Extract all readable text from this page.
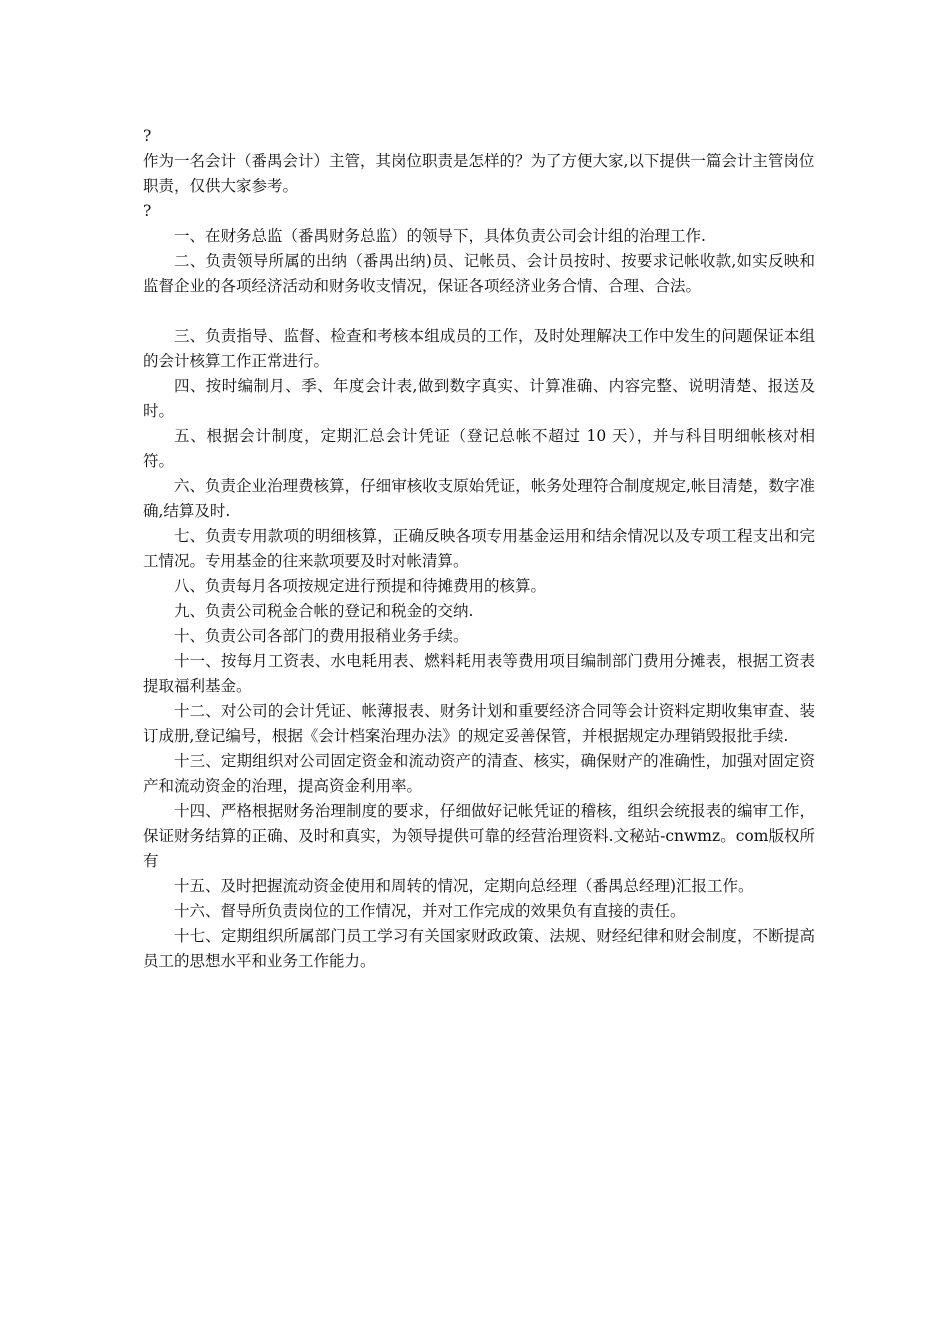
?
作为一名会计（番禺会计）主管，其岗位职责是怎样的？为了方便大家,以下提供一篇会计主管岗位职责，仅供大家参考。
?
一、在财务总监（番禺财务总监）的领导下，具体负责公司会计组的治理工作.
二、负责领导所属的出纳（番禺出纳)员、记帐员、会计员按时、按要求记帐收款,如实反映和监督企业的各项经济活动和财务收支情况，保证各项经济业务合情、合理、合法。
三、负责指导、监督、检查和考核本组成员的工作，及时处理解决工作中发生的问题保证本组的会计核算工作正常进行。
四、按时编制月、季、年度会计表,做到数字真实、计算准确、内容完整、说明清楚、报送及时。
五、根据会计制度，定期汇总会计凭证（登记总帐不超过 10 天），并与科目明细帐核对相符。
六、负责企业治理费核算，仔细审核收支原始凭证，帐务处理符合制度规定,帐目清楚，数字准确,结算及时.
七、负责专用款项的明细核算，正确反映各项专用基金运用和结余情况以及专项工程支出和完工情况。专用基金的往来款项要及时对帐清算。
八、负责每月各项按规定进行预提和待摊费用的核算。
九、负责公司税金合帐的登记和税金的交纳.
十、负责公司各部门的费用报稍业务手续。
十一、按每月工资表、水电耗用表、燃料耗用表等费用项目编制部门费用分摊表，根据工资表提取福利基金。
十二、对公司的会计凭证、帐薄报表、财务计划和重要经济合同等会计资料定期收集审查、装订成册,登记编号，根据《会计档案治理办法》的规定妥善保管，并根据规定办理销毁报批手续.
十三、定期组织对公司固定资金和流动资产的清查、核实，确保财产的准确性，加强对固定资产和流动资金的治理，提高资金利用率。
十四、严格根据财务治理制度的要求，仔细做好记帐凭证的稽核，组织会统报表的编审工作，保证财务结算的正确、及时和真实，为领导提供可靠的经营治理资料.文秘站-cnwmz。com版权所有
十五、及时把握流动资金使用和周转的情况，定期向总经理（番禺总经理)汇报工作。
十六、督导所负责岗位的工作情况，并对工作完成的效果负有直接的责任。
十七、定期组织所属部门员工学习有关国家财政政策、法规、财经纪律和财会制度，不断提高员工的思想水平和业务工作能力。
